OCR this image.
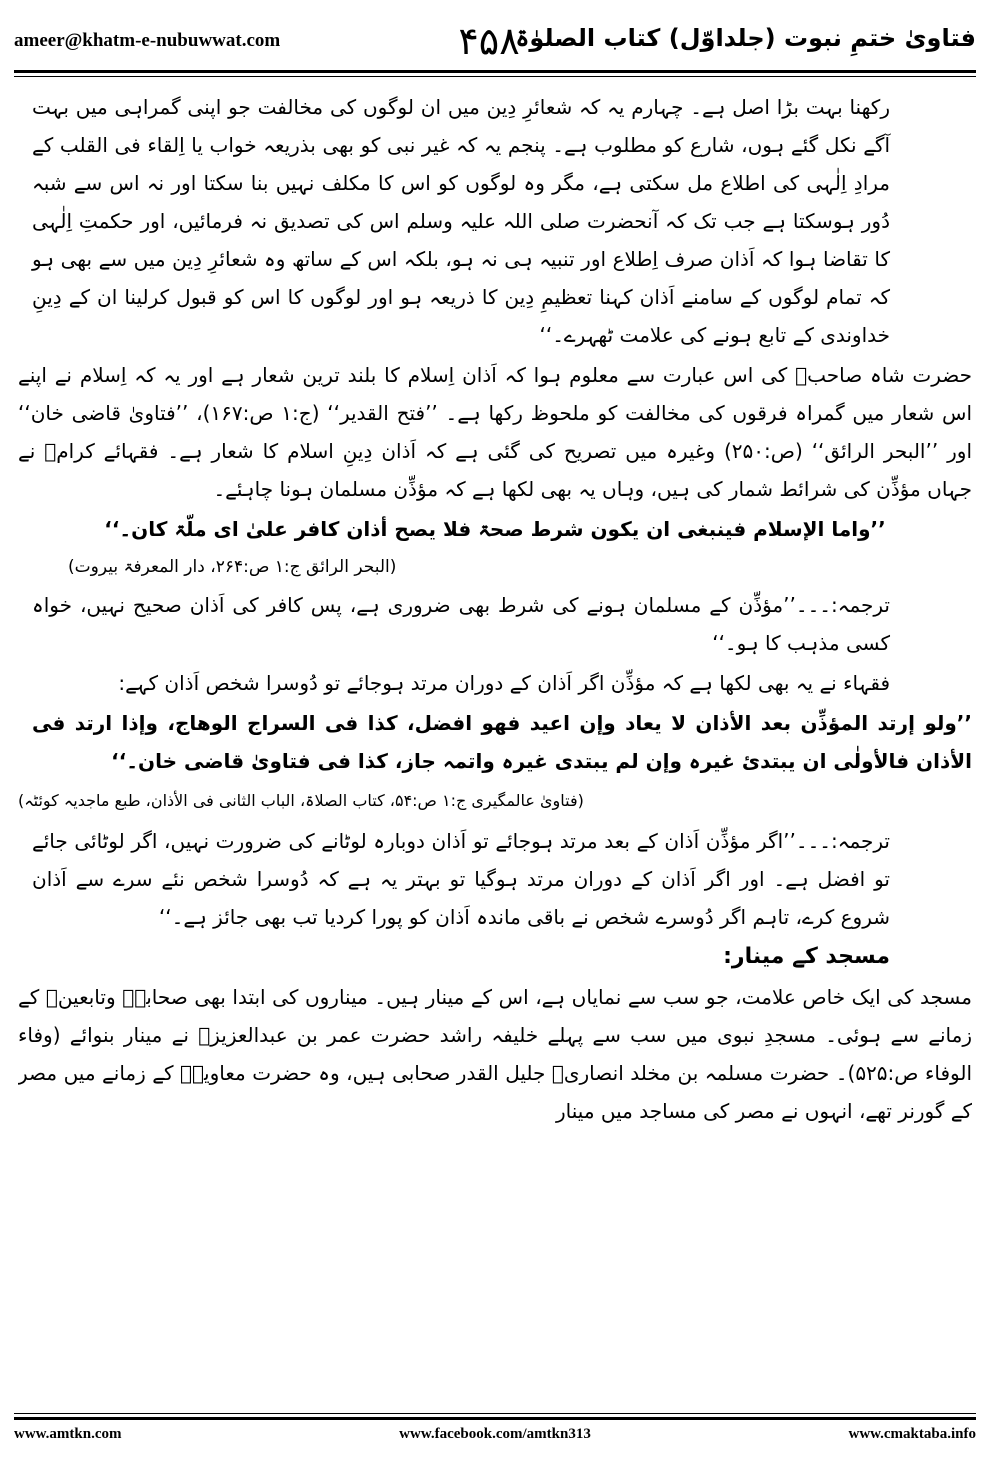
ameer@khatm-e-nubuwwat.com	۴۵۸
فتاویٰ ختمِ نبوت (جلداوّل) کتاب الصلوٰۃ

رکھنا بہت بڑا اصل ہے۔ چہارم یہ کہ شعائرِ دِین میں ان لوگوں کی مخالفت جو اپنی گمراہی میں بہت آگے نکل گئے ہوں، شارع کو مطلوب ہے۔ پنجم یہ کہ غیر نبی کو بھی بذریعہ خواب یا اِلقاء فی القلب کے مرادِ اِلٰہی کی اطلاع مل سکتی ہے، مگر وہ لوگوں کو اس کا مکلف نہیں بنا سکتا اور نہ اس سے شبہ دُور ہوسکتا ہے جب تک کہ آنحضرت صلی اللہ علیہ وسلم اس کی تصدیق نہ فرمائیں، اور حکمتِ اِلٰہی کا تقاضا ہوا کہ اَذان صرف اِطلاع اور تنبیہ ہی نہ ہو، بلکہ اس کے ساتھ وہ شعائرِ دِین میں سے بھی ہو کہ تمام لوگوں کے سامنے اَذان کہنا تعظیمِ دِین کا ذریعہ ہو اور لوگوں کا اس کو قبول کرلینا ان کے دِینِ خداوندی کے تابع ہونے کی علامت ٹھہرے۔‘‘

حضرت شاہ صاحبؒ کی اس عبارت سے معلوم ہوا کہ اَذان اِسلام کا بلند ترین شعار ہے اور یہ کہ اِسلام نے اپنے اس شعار میں گمراہ فرقوں کی مخالفت کو ملحوظ رکھا ہے۔ ’’فتح القدیر‘‘ (ج:۱ ص:۱۶۷)، ’’فتاویٰ قاضی خان‘‘ اور ’’البحر الرائق‘‘ (ص:۲۵۰) وغیرہ میں تصریح کی گئی ہے کہ اَذان دِینِ اسلام کا شعار ہے۔ فقہائے کرامؒ نے جہاں مؤذِّن کی شرائط شمار کی ہیں، وہاں یہ بھی لکھا ہے کہ مؤذِّن مسلمان ہونا چاہئے۔

’’واما الإسلام فینبغی ان یکون شرط صحۃ فلا یصح أذان کافر علیٰ ای ملّۃ کان۔‘‘

(البحر الرائق ج:۱ ص:۲۶۴، دار المعرفۃ بیروت)

ترجمہ:۔۔۔’’مؤذِّن کے مسلمان ہونے کی شرط بھی ضروری ہے، پس کافر کی اَذان صحیح نہیں، خواہ کسی مذہب کا ہو۔‘‘

فقہاء نے یہ بھی لکھا ہے کہ مؤذِّن اگر اَذان کے دوران مرتد ہوجائے تو دُوسرا شخص اَذان کہے:

’’ولو إرتد المؤذِّن بعد الأذان لا یعاد وإن اعید فھو افضل، کذا فی السراج الوھاج، وإذا ارتد فی الأذان فالأولٰی ان یبتدیٔ غیرہ وإن لم یبتدی غیرہ واتمہ جاز، کذا فی فتاویٰ قاضی خان۔‘‘

(فتاویٰ عالمگیری ج:۱ ص:۵۴، کتاب الصلاۃ، الباب الثانی فی الأذان، طبع ماجدیہ کوئٹہ)

ترجمہ:۔۔۔’’اگر مؤذِّن اَذان کے بعد مرتد ہوجائے تو اَذان دوبارہ لوٹانے کی ضرورت نہیں، اگر لوٹائی جائے تو افضل ہے۔ اور اگر اَذان کے دوران مرتد ہوگیا تو بہتر یہ ہے کہ دُوسرا شخص نئے سرے سے اَذان شروع کرے، تاہم اگر دُوسرے شخص نے باقی ماندہ اَذان کو پورا کردیا تب بھی جائز ہے۔‘‘

مسجد کے مینار:

مسجد کی ایک خاص علامت، جو سب سے نمایاں ہے، اس کے مینار ہیں۔ میناروں کی ابتدا بھی صحابہؓ وتابعینؒ کے زمانے سے ہوئی۔ مسجدِ نبوی میں سب سے پہلے خلیفہ راشد حضرت عمر بن عبدالعزیزؒ نے مینار بنوائے (وفاء الوفاء ص:۵۲۵)۔ حضرت مسلمہ بن مخلد انصاریؓ جلیل القدر صحابی ہیں، وہ حضرت معاویہؓ کے زمانے میں مصر کے گورنر تھے، انہوں نے مصر کی مساجد میں مینار

www.amtkn.com	www.facebook.com/amtkn313	www.cmaktaba.info
